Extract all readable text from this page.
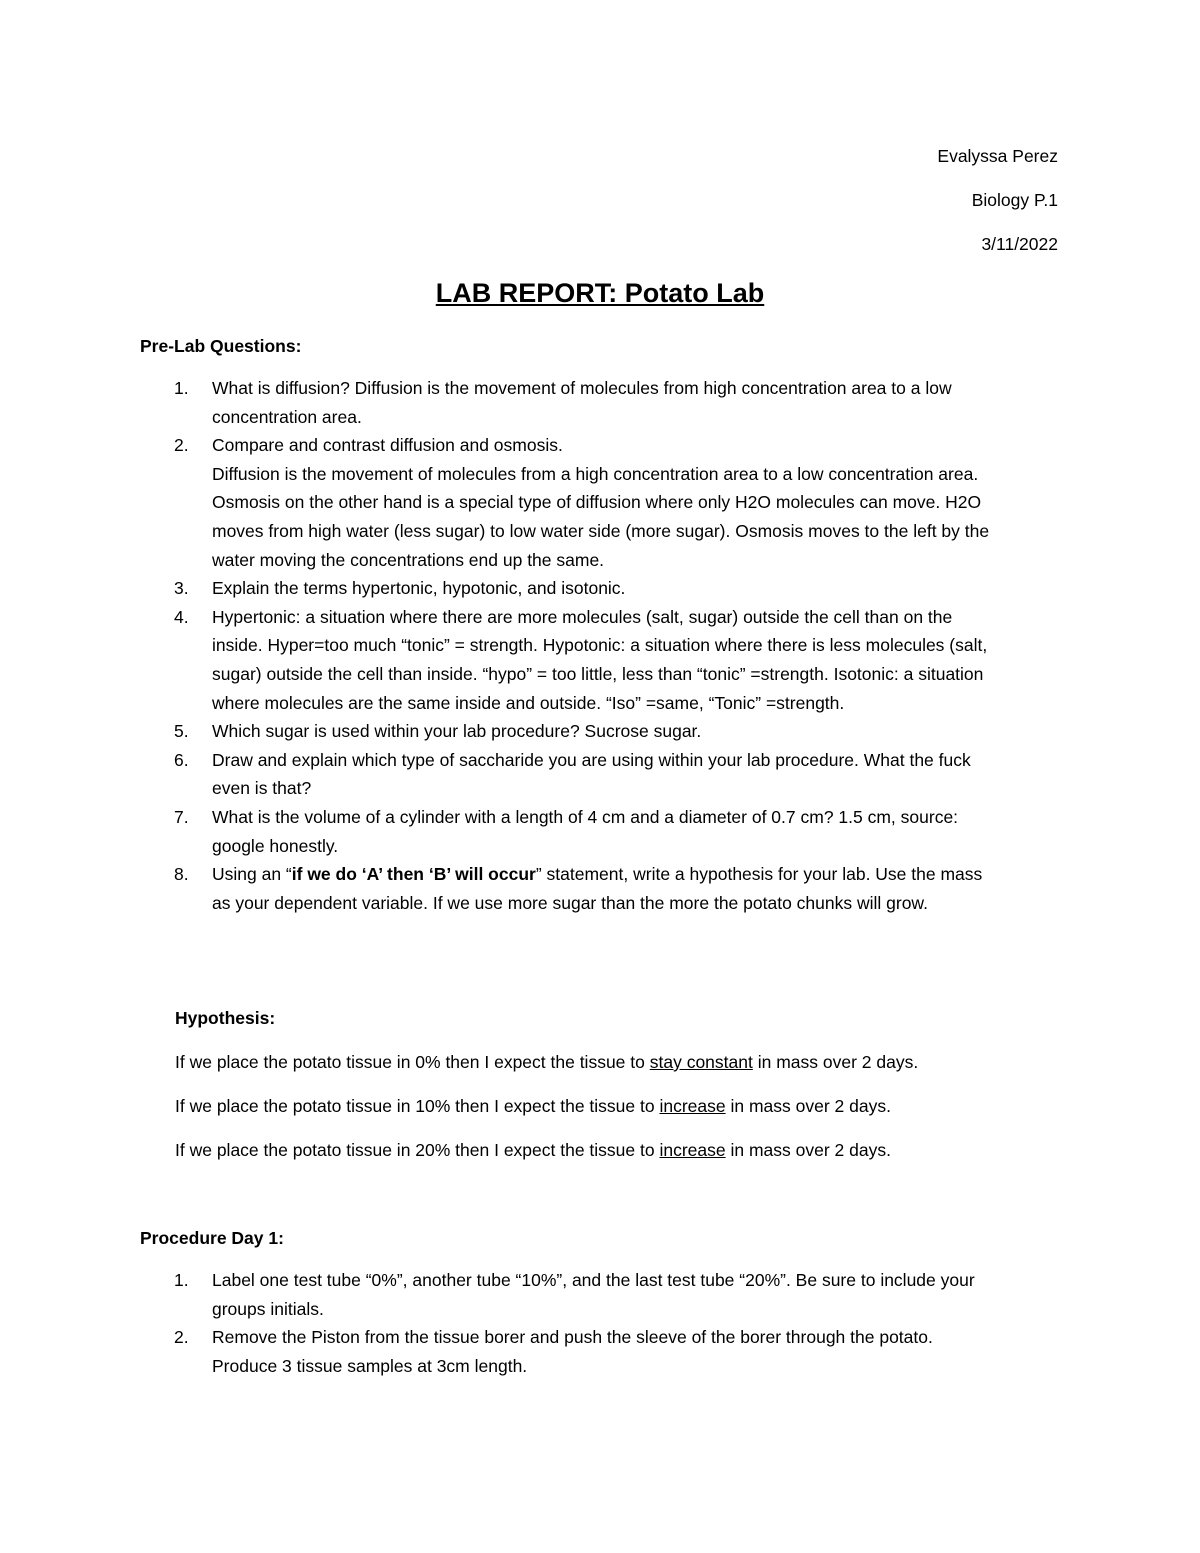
Evalyssa Perez
Biology P.1
3/11/2022
LAB REPORT: Potato Lab
Pre-Lab Questions:
1. What is diffusion? Diffusion is the movement of molecules from high concentration area to a low concentration area.
2. Compare and contrast diffusion and osmosis.
Diffusion is the movement of molecules from a high concentration area to a low concentration area. Osmosis on the other hand is a special type of diffusion where only H2O molecules can move. H2O moves from high water (less sugar) to low water side (more sugar). Osmosis moves to the left by the water moving the concentrations end up the same.
3. Explain the terms hypertonic, hypotonic, and isotonic.
4. Hypertonic: a situation where there are more molecules (salt, sugar) outside the cell than on the inside. Hyper=too much “tonic” = strength. Hypotonic: a situation where there is less molecules (salt, sugar) outside the cell than inside. “hypo” = too little, less than “tonic” =strength. Isotonic: a situation where molecules are the same inside and outside. “Iso” =same, “Tonic” =strength.
5. Which sugar is used within your lab procedure? Sucrose sugar.
6. Draw and explain which type of saccharide you are using within your lab procedure. What the fuck even is that?
7. What is the volume of a cylinder with a length of 4 cm and a diameter of 0.7 cm? 1.5 cm, source: google honestly.
8. Using an “if we do ‘A’ then ‘B’ will occur” statement, write a hypothesis for your lab. Use the mass as your dependent variable. If we use more sugar than the more the potato chunks will grow.
Hypothesis:
If we place the potato tissue in 0% then I expect the tissue to stay constant in mass over 2 days.
If we place the potato tissue in 10% then I expect the tissue to increase in mass over 2 days.
If we place the potato tissue in 20% then I expect the tissue to increase in mass over 2 days.
Procedure Day 1:
1. Label one test tube “0%”, another tube “10%”, and the last test tube “20%”. Be sure to include your groups initials.
2. Remove the Piston from the tissue borer and push the sleeve of the borer through the potato. Produce 3 tissue samples at 3cm length.
